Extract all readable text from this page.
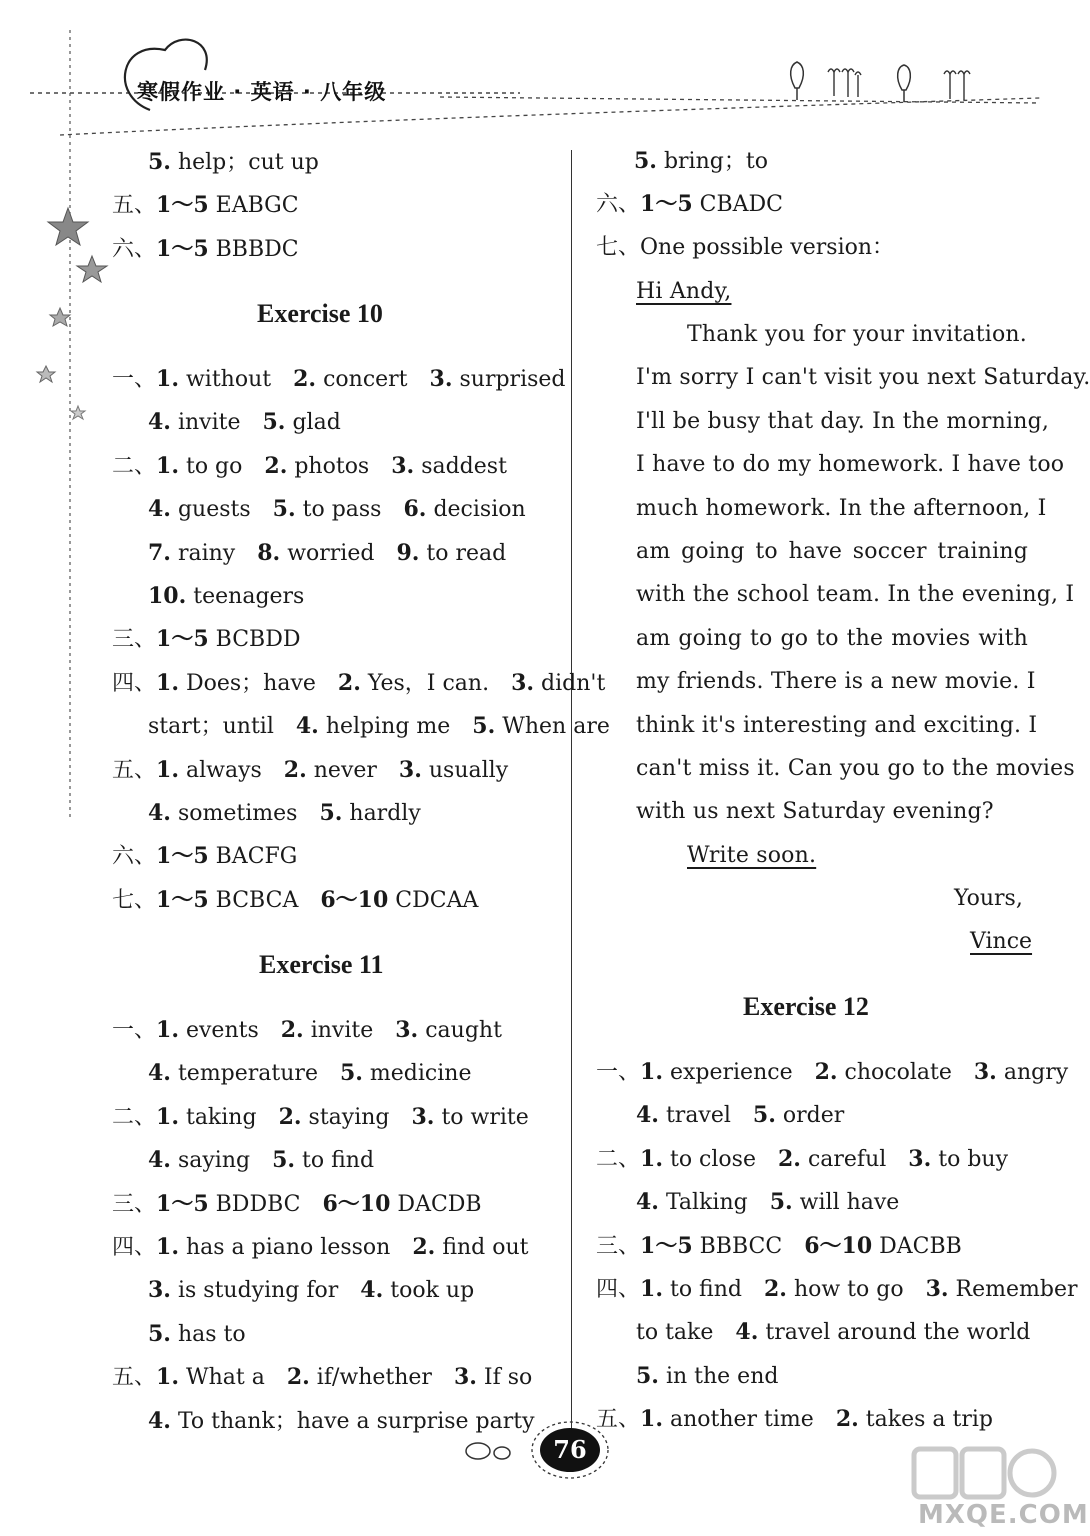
寒假作业 · 英语 · 八年级
5. help；cut up
五、1～5 EABGC
六、1～5 BBBDC
Exercise 10
一、1. without　2. concert　3. surprised
4. invite　5. glad
二、1. to go　2. photos　3. saddest
4. guests　5. to pass　6. decision
7. rainy　8. worried　9. to read
10. teenagers
三、1～5 BCBDD
四、1. Does；have　2. Yes，I can.　3. didn't
start；until　4. helping me　5. When are
五、1. always　2. never　3. usually
4. sometimes　5. hardly
六、1～5 BACFG
七、1～5 BCBCA　6～10 CDCAA
Exercise 11
一、1. events　2. invite　3. caught
4. temperature　5. medicine
二、1. taking　2. staying　3. to write
4. saying　5. to find
三、1～5 BDDBC　6～10 DACDB
四、1. has a piano lesson　2. find out
3. is studying for　4. took up
5. has to
五、1. What a　2. if/whether　3. If so
4. To thank；have a surprise party
5. bring；to
六、1～5 CBADC
七、One possible version：
Exercise 12
一、1. experience　2. chocolate　3. angry
4. travel　5. order
二、1. to close　2. careful　3. to buy
4. Talking　5. will have
三、1～5 BBBCC　6～10 DACBB
四、1. to find　2. how to go　3. Remember
to take　4. travel around the world
5. in the end
五、1. another time　2. takes a trip
Hi Andy,
Thank you for your invitation.
I'm sorry I can't visit you next Saturday.
I'll be busy that day. In the morning,
I have to do my homework. I have too
much homework. In the afternoon, I
am going to have soccer training
with the school team. In the evening, I
am going to go to the movies with
my friends. There is a new movie. I
think it's interesting and exciting. I
can't miss it. Can you go to the movies
with us next Saturday evening?
Write soon.
Yours,
Vince
76
MXQE.COM
